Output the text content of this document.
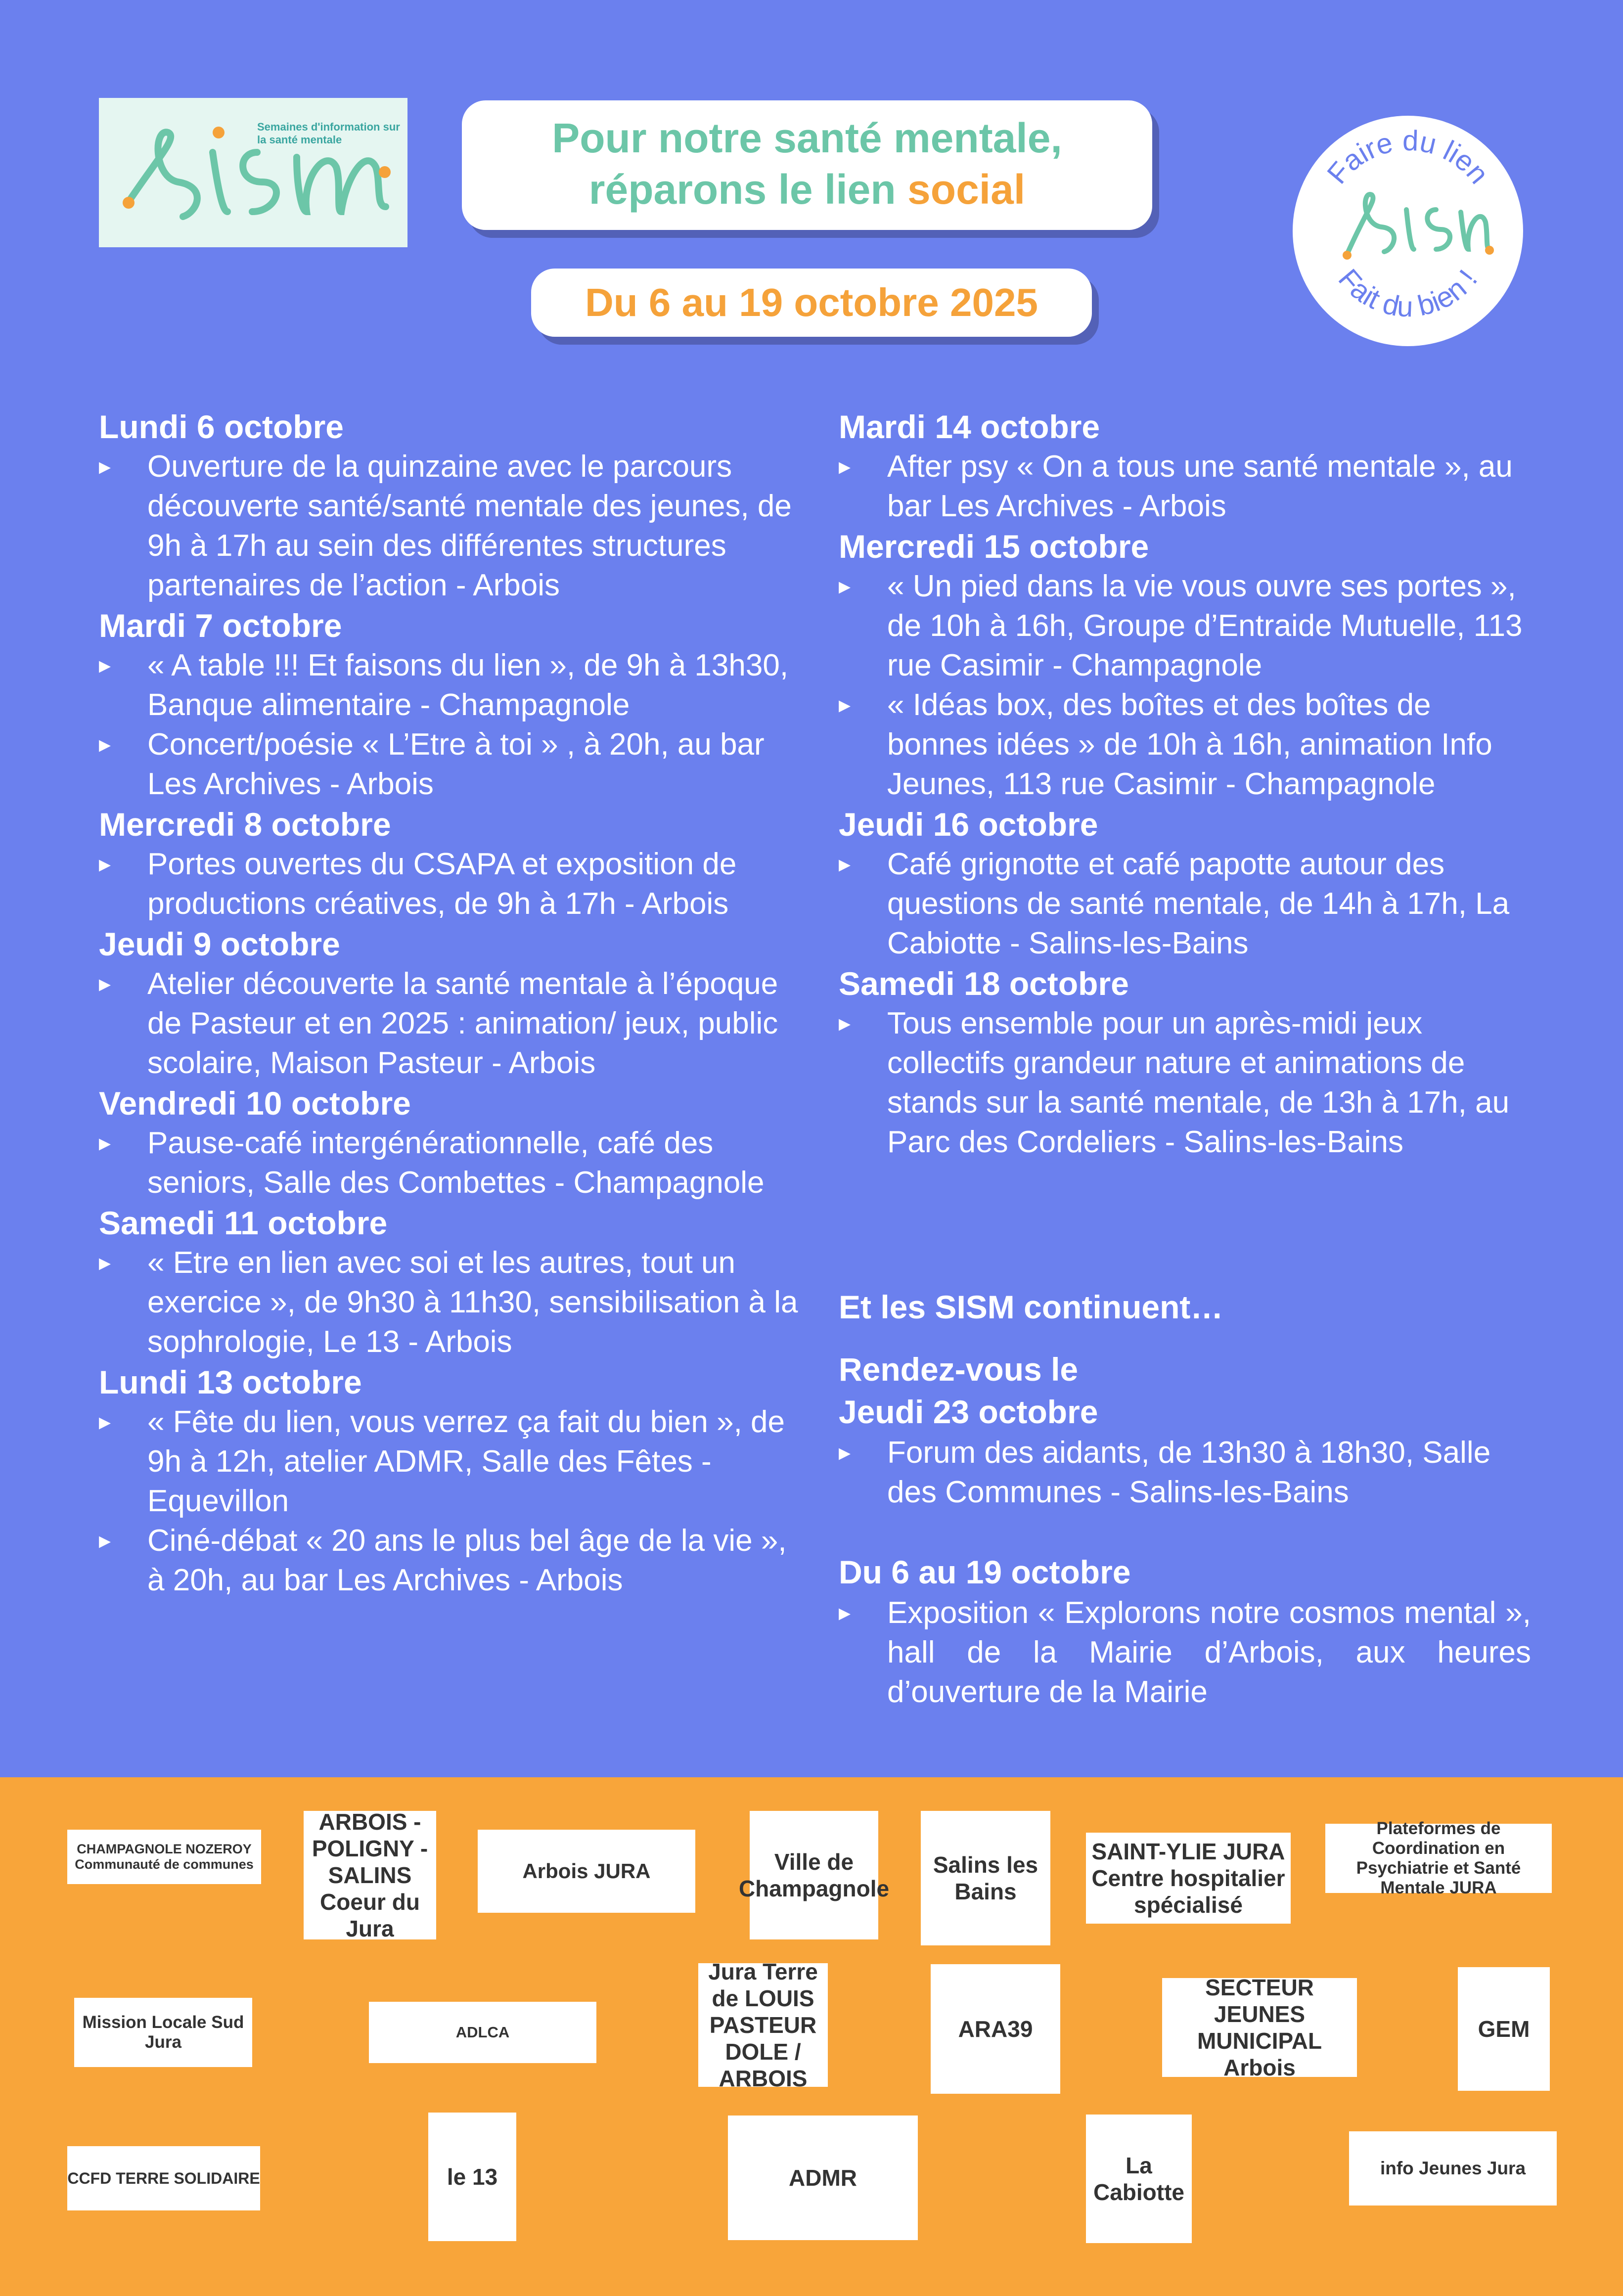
Semaines d'information sur la santé mentale	Pour notre santé mentale,
réparons le lien social
Du 6 au 19 octobre 2025
Faire du lien
Fait du bien !
Lundi 6 octobre
▸ Ouverture de la quinzaine avec le parcours découverte santé/santé mentale des jeunes, de 9h à 17h au sein des différentes structures partenaires de l’action - Arbois
Mardi 7 octobre
▸ « A table !!! Et faisons du lien », de 9h à 13h30, Banque alimentaire - Champagnole
▸ Concert/poésie « L’Etre à toi » , à 20h, au bar Les Archives - Arbois
Mercredi 8 octobre
▸ Portes ouvertes du CSAPA et exposition de productions créatives, de 9h à 17h - Arbois
Jeudi 9 octobre
▸ Atelier découverte la santé mentale à l’époque de Pasteur et en 2025 : animation/ jeux, public scolaire, Maison Pasteur - Arbois
Vendredi 10 octobre
▸ Pause-café intergénérationnelle, café des seniors, Salle des Combettes - Champagnole
Samedi 11 octobre
▸ « Etre en lien avec soi et les autres, tout un exercice », de 9h30 à 11h30, sensibilisation à la sophrologie, Le 13 - Arbois
Lundi 13 octobre
▸ « Fête du lien, vous verrez ça fait du bien », de 9h à 12h, atelier ADMR, Salle des Fêtes - Equevillon
▸ Ciné-débat « 20 ans le plus bel âge de la vie », à 20h, au bar Les Archives - Arbois
Mardi 14 octobre
▸ After psy « On a tous une santé mentale », au bar Les Archives - Arbois
Mercredi 15 octobre
▸ « Un pied dans la vie vous ouvre ses portes », de 10h à 16h, Groupe d’Entraide Mutuelle, 113 rue Casimir - Champagnole
▸ « Idéas box, des boîtes et des boîtes de bonnes idées » de 10h à 16h, animation Info Jeunes, 113 rue Casimir - Champagnole
Jeudi 16 octobre
▸ Café grignotte et café papotte autour des questions de santé mentale, de 14h à 17h, La Cabiotte - Salins-les-Bains
Samedi 18 octobre
▸ Tous ensemble pour un après-midi jeux collectifs grandeur nature et animations de stands sur la santé mentale, de 13h à 17h, au Parc des Cordeliers - Salins-les-Bains
Et les SISM continuent…
Rendez-vous le
Jeudi 23 octobre
▸ Forum des aidants, de 13h30 à 18h30, Salle des Communes - Salins-les-Bains
Du 6 au 19 octobre
▸ Exposition « Explorons notre cosmos mental », hall de la Mairie d’Arbois, aux heures d’ouverture de la Mairie
CHAMPAGNOLE NOZEROY Communauté de communes
ARBOIS - POLIGNY - SALINS Coeur du Jura
Arbois JURA	Ville de Champagnole
Salins les Bains
SAINT-YLIE JURA Centre hospitalier spécialisé
Plateformes de Coordination en Psychiatrie et Santé Mentale JURA
Mission Locale Sud Jura
ADLCA
Jura Terre de LOUIS PASTEUR DOLE / ARBOIS
ARA39
SECTEUR JEUNES MUNICIPAL Arbois
GEM
CCFD TERRE SOLIDAIRE	le 13	ADMR	La Cabiotte
info Jeunes Jura
